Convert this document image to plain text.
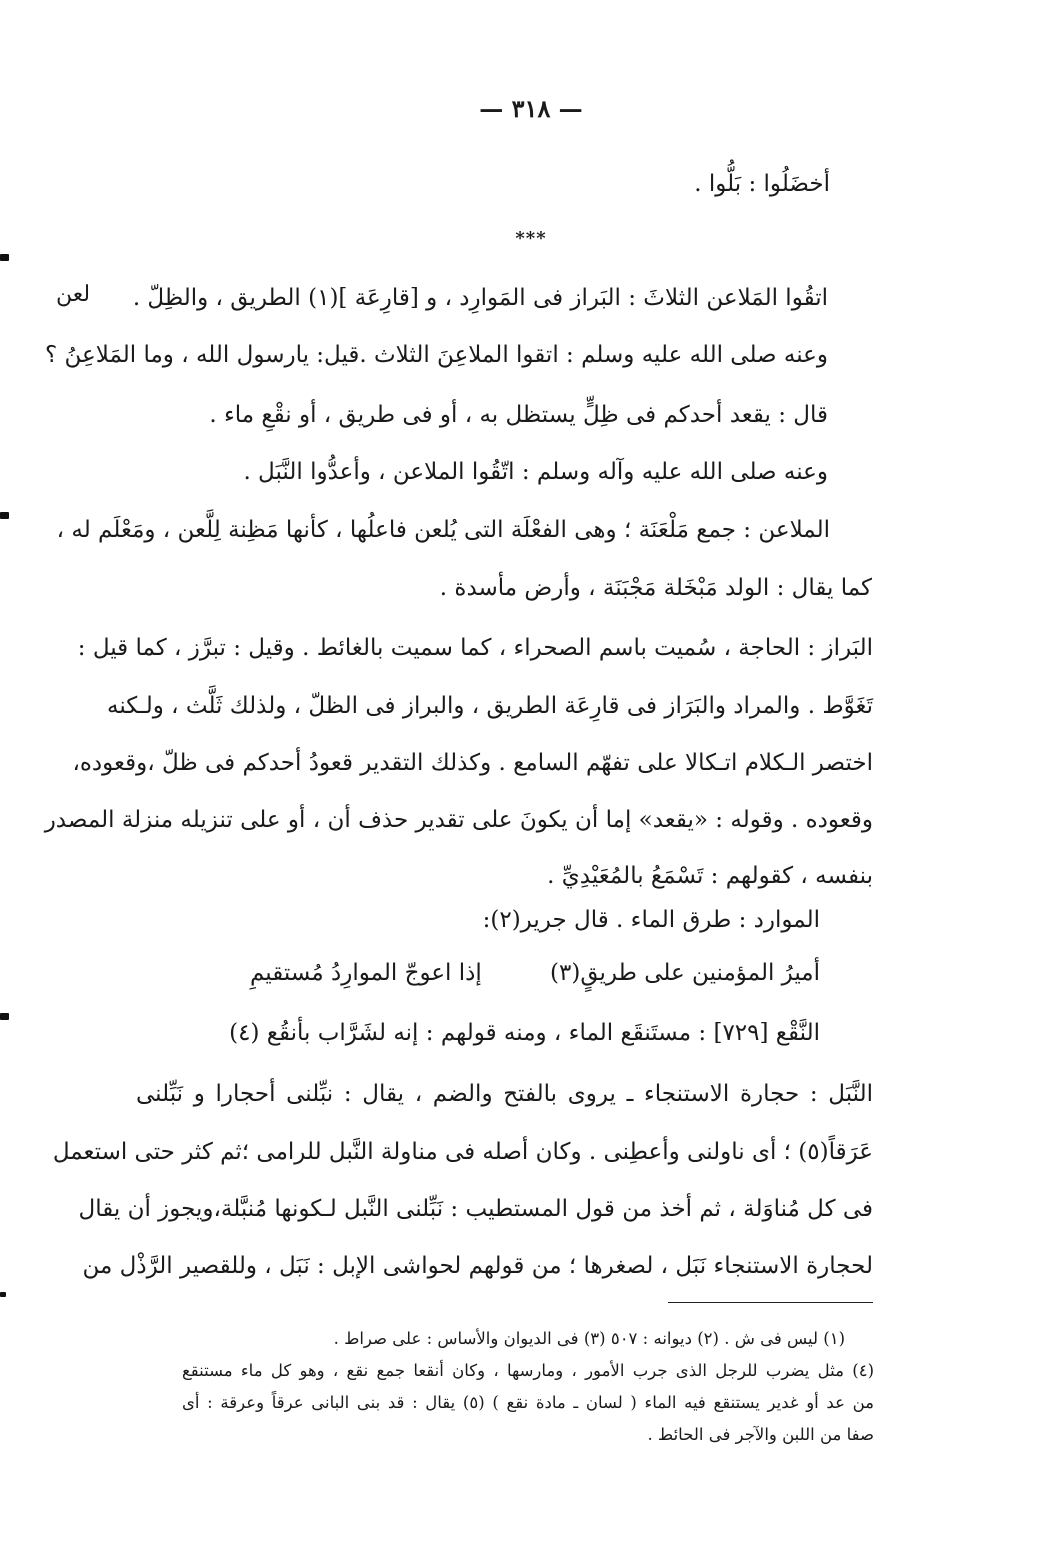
— ٣١٨ —
أخضَلُوا : بَلُّوا .
***
لعن	اتقُوا المَلاعن الثلاثَ : البَراز فى المَوارِد ، و [قارِعَة ](١) الطريق ، والظِلّ .
وعنه صلى الله عليه وسلم : اتقوا الملاعِنَ الثلاث .قيل: يارسول الله ، وما المَلاعِنُ ؟
قال : يقعد أحدكم فى ظِلٍّ يستظل به ، أو فى طريق ، أو نقْعِ ماء .
وعنه صلى الله عليه وآله وسلم : اتّقُوا الملاعن ، وأعدُّوا النَّبَل .
الملاعن : جمع مَلْعَنَة ؛ وهى الفعْلَة التى يُلعن فاعلُها ، كأنها مَظِنة لِلَّعن ، ومَعْلَم له ،
كما يقال : الولد مَبْخَلة مَجْبَنَة ، وأرض مأسدة .
البَراز : الحاجة ، سُميت باسم الصحراء ، كما سميت بالغائط . وقيل : تبرَّز ، كما قيل :
تَغَوَّط . والمراد والبَرَاز فى قارِعَة الطريق ، والبراز فى الظلّ ، ولذلك ثَلَّث ، ولـكنه
اختصر الـكلام اتـكالا على تفهّم السامع . وكذلك التقدير قعودُ أحدكم فى ظلّ ،وقعوده،
وقعوده . وقوله : «يقعد» إما أن يكونَ على تقدير حذف أن ، أو على تنزيله منزلة المصدر
بنفسه ، كقولهم : تَسْمَعُ بالمُعَيْدِيِّ .
الموارد : طرق الماء . قال جرير(٢):
أميرُ المؤمنين على طريقٍ(٣)
إذا اعوجّ الموارِدُ مُستقيمِ
النَّقْع [٧٢٩] : مستَنقَع الماء ، ومنه قولهم : إنه لشَرَّاب بأنقُع (٤)
النَّبَل : حجارة الاستنجاء ـ يروى بالفتح والضم ، يقال : نبِّلنى أحجارا و نَبِّلنى
عَرَقاً(٥) ؛ أى ناولنى وأعطِنى . وكان أصله فى مناولة النَّبل للرامى ؛ثم كثر حتى استعمل
فى كل مُناوَلة ، ثم أخذ من قول المستطيب : نَبِّلنى النَّبل لـكونها مُنبَّلة،ويجوز أن يقال
لحجارة الاستنجاء نَبَل ، لصغرها ؛ من قولهم لحواشى الإبل : نَبَل ، وللقصير الرَّذْل من
(١) ليس فى ش . (٢) ديوانه : ٥٠٧ (٣) فى الديوان والأساس : على صراط .
(٤) مثل يضرب للرجل الذى جرب الأمور ، ومارسها ، وكان أنقعا جمع نقع ، وهو كل ماء مستنقع
من عد أو غدير يستنقع فيه الماء ( لسان ـ مادة نقع ) (٥) يقال : قد بنى البانى عرقاً وعرقة : أى
صفا من اللبن والآجر فى الحائط .
